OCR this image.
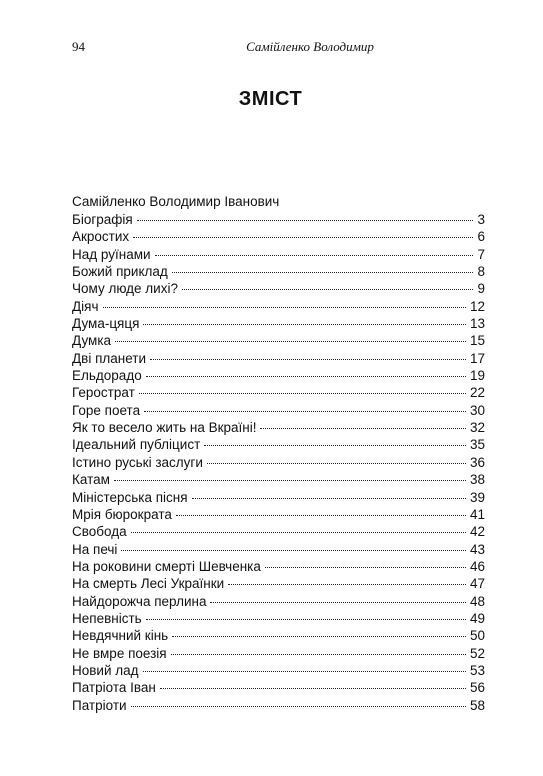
94	Самійленко Володимир
ЗМІСТ
Самійленко Володимир Іванович
Біографія	3
Акростих	6
Над руїнами	7
Божий приклад	8
Чому люде лихі?	9
Діяч	12
Дума-цяця	13
Думка	15
Дві планети	17
Ельдорадо	19
Герострат	22
Горе поета	30
Як то весело жить на Вкраїні!	32
Ідеальний публіцист	35
Істино руські заслуги	36
Катам	38
Міністерська пісня	39
Мрія бюрократа	41
Свобода	42
На печі	43
На роковини смерті Шевченка	46
На смерть Лесі Українки	47
Найдорожча перлина	48
Непевність	49
Невдячний кінь	50
Не вмре поезія	52
Новий лад	53
Патріота Іван	56
Патріоти	58
